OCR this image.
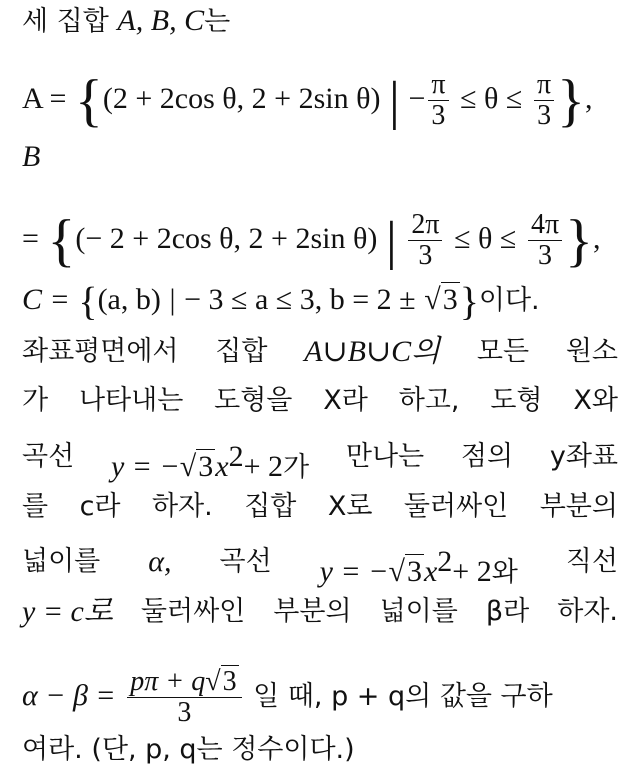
세 집합 A, B, C는
A = {(2 + 2cos θ, 2 + 2sin θ) | − $\frac{\pi}{3} \le \theta \le \frac{\pi}{3}$ },
B
= {(− 2 + 2cos θ, 2 + 2sin θ) | $\frac{2\pi}{3} \le \theta \le \frac{4\pi}{3}$ },
C = {(a, b) | − 3 ≤ a ≤ 3, b = 2 ± √3}이다.
좌표평면에서 집합 A∪B∪C의 모든 원소
가 나타내는 도형을 X라 하고, 도형 X와
곡선 $y = -√3x^2+ 2$가 만나는 점의 y좌표
를 c라 하자. 집합 X로 둘러싸인 부분의
넓이를 α, 곡선 $y = -√3x^2+ 2$와 직선
y = c로 둘러싸인 부분의 넓이를 β라 하자.
$\alpha - \beta = \frac{p\pi + q√3}{3}$ 일 때, p + q의 값을 구하
여라. (단, p, q는 정수이다.)
